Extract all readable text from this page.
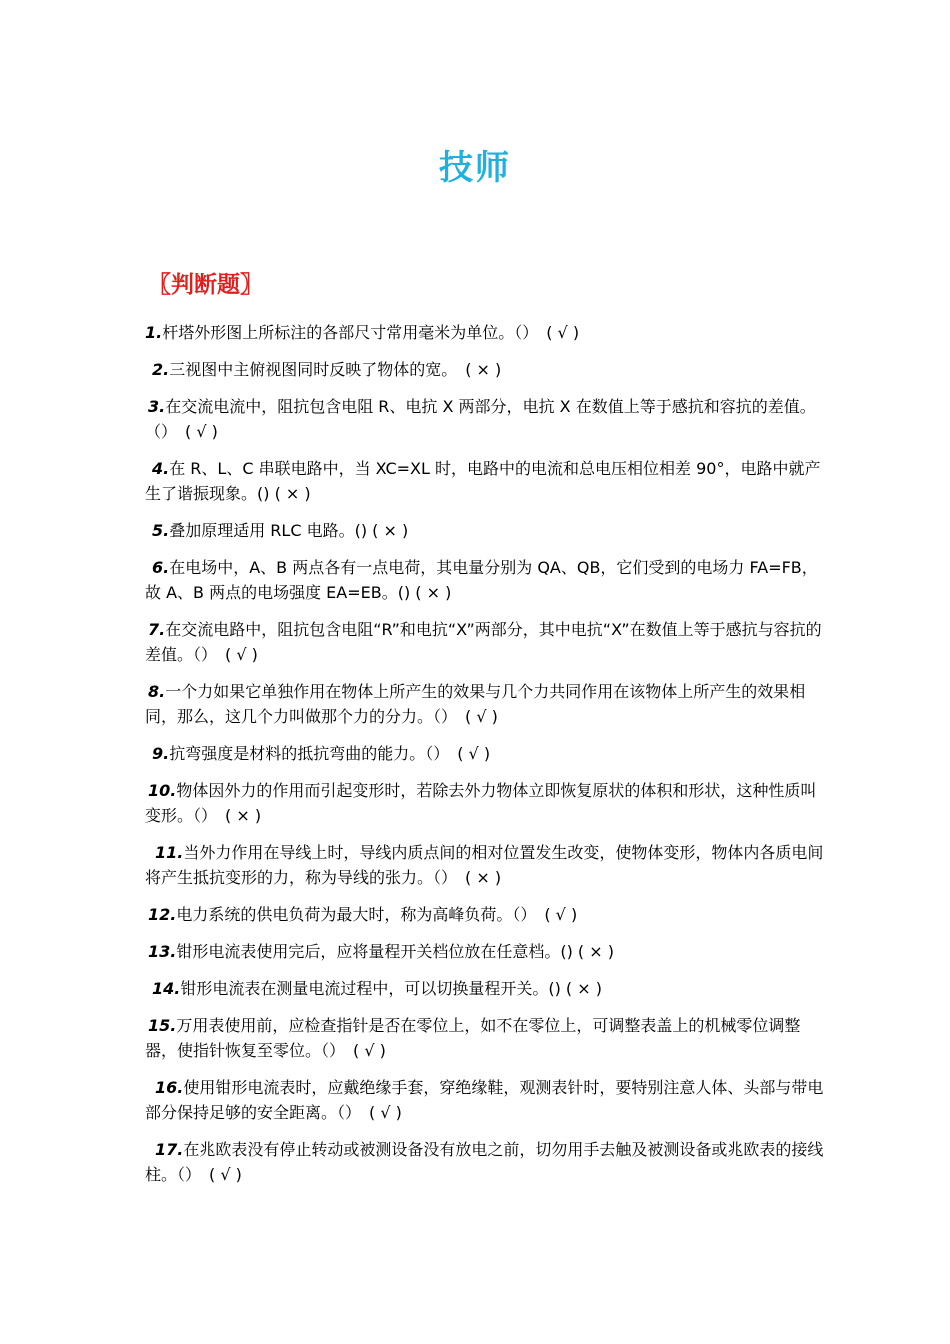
技师
〖判断题〗
1.杆塔外形图上所标注的各部尺寸常用毫米为单位。（）　( √ )
2.三视图中主俯视图同时反映了物体的宽。　( × )
3.在交流电流中，阻抗包含电阻 R、电抗 X 两部分，电抗 X 在数值上等于感抗和容抗的差值。（）　( √ )
4.在 R、L、C 串联电路中，当 XC=XL 时，电路中的电流和总电压相位相差 90°，电路中就产生了谐振现象。() ( × )
5.叠加原理适用 RLC 电路。() ( × )
6.在电场中，A、B 两点各有一点电荷，其电量分别为 QA、QB，它们受到的电场力 FA=FB，故 A、B 两点的电场强度 EA=EB。() ( × )
7.在交流电路中，阻抗包含电阻“R”和电抗“X”两部分，其中电抗“X”在数值上等于感抗与容抗的差值。（）　( √ )
8.一个力如果它单独作用在物体上所产生的效果与几个力共同作用在该物体上所产生的效果相同，那么，这几个力叫做那个力的分力。（）　( √ )
9.抗弯强度是材料的抵抗弯曲的能力。（）　( √ )
10.物体因外力的作用而引起变形时，若除去外力物体立即恢复原状的体积和形状，这种性质叫变形。（）　( × )
11.当外力作用在导线上时，导线内质点间的相对位置发生改变，使物体变形，物体内各质电间将产生抵抗变形的力，称为导线的张力。（）　( × )
12.电力系统的供电负荷为最大时，称为高峰负荷。（）　( √ )
13.钳形电流表使用完后，应将量程开关档位放在任意档。() ( × )
14.钳形电流表在测量电流过程中，可以切换量程开关。() ( × )
15.万用表使用前，应检查指针是否在零位上，如不在零位上，可调整表盖上的机械零位调整器，使指针恢复至零位。（）　( √ )
16.使用钳形电流表时，应戴绝缘手套，穿绝缘鞋，观测表针时，要特别注意人体、头部与带电部分保持足够的安全距离。（）　( √ )
17.在兆欧表没有停止转动或被测设备没有放电之前，切勿用手去触及被测设备或兆欧表的接线柱。（）　( √ )
